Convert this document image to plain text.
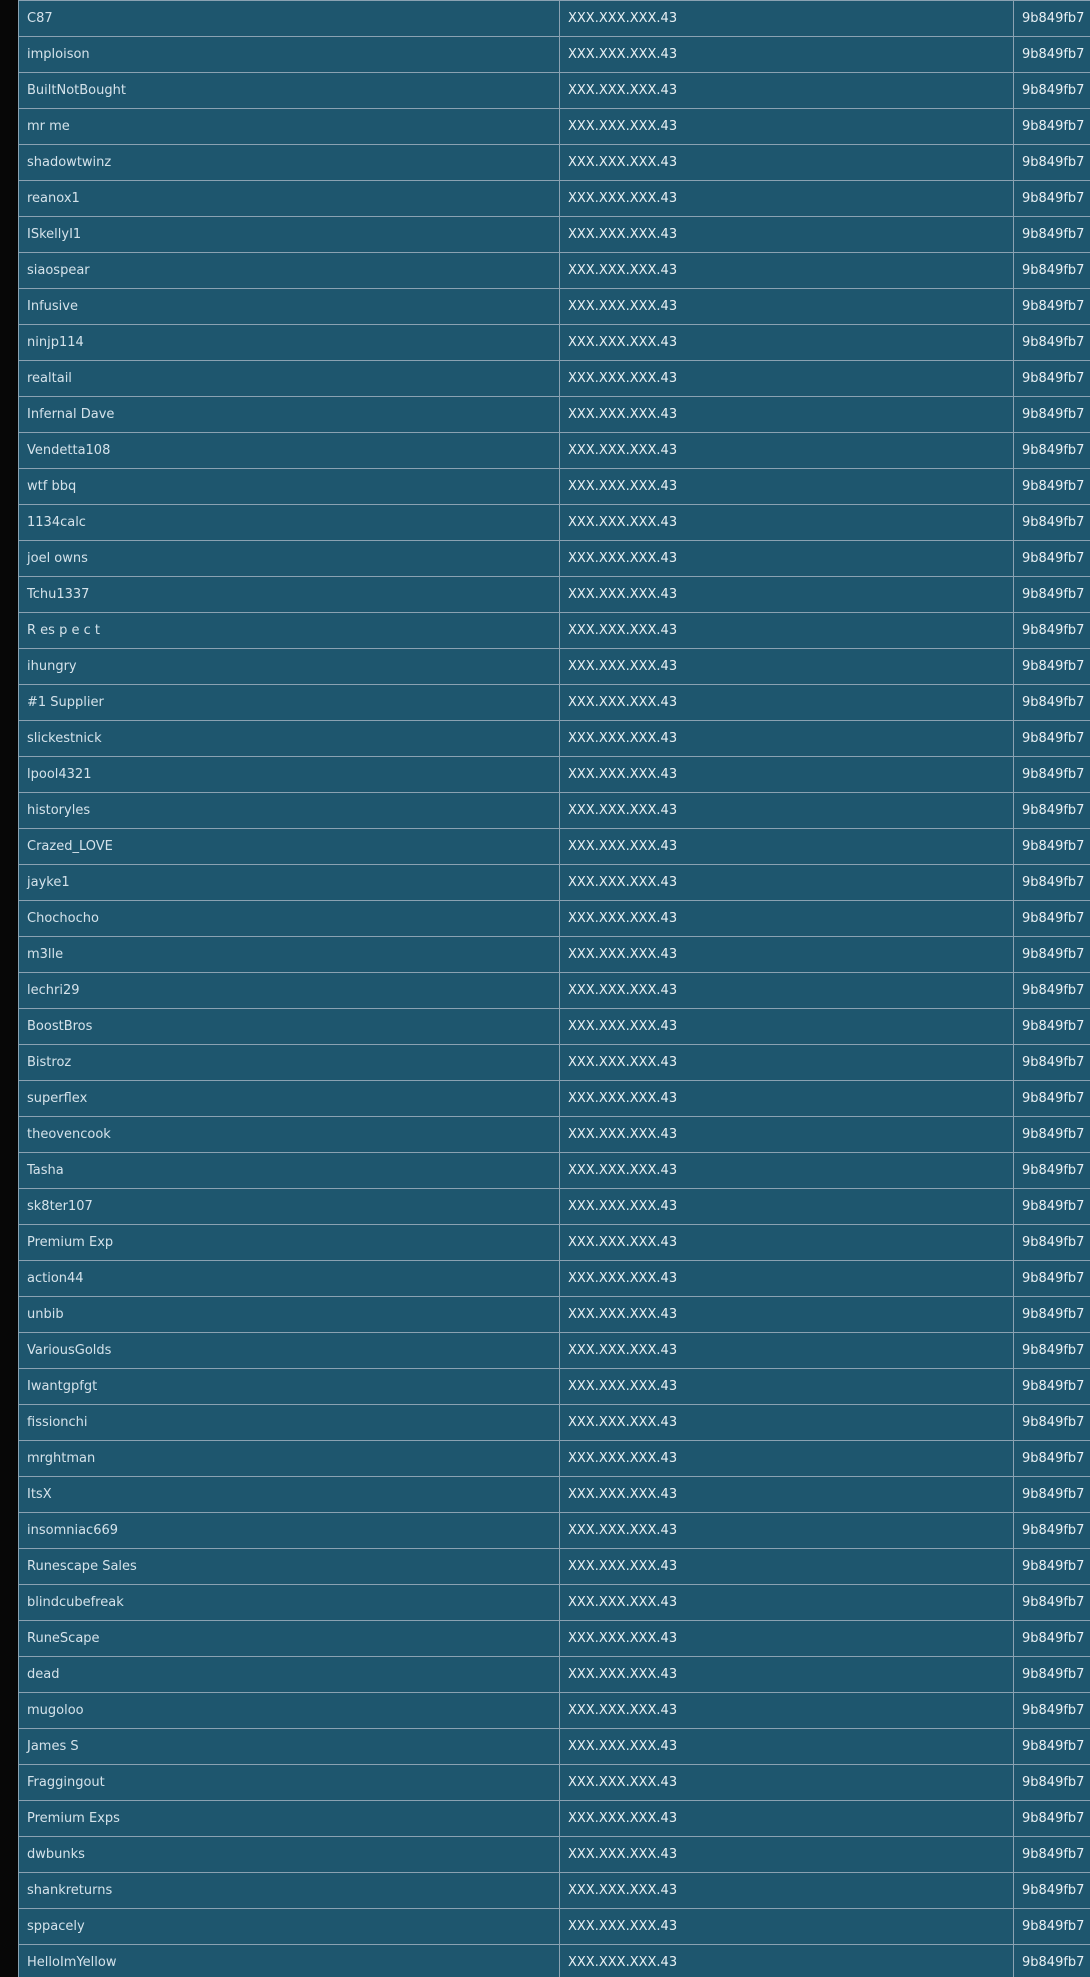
C87	XXX.XXX.XXX.43	9b849fb7
imploison	XXX.XXX.XXX.43	9b849fb7
BuiltNotBought	XXX.XXX.XXX.43	9b849fb7
mr me	XXX.XXX.XXX.43	9b849fb7
shadowtwinz	XXX.XXX.XXX.43	9b849fb7
reanox1	XXX.XXX.XXX.43	9b849fb7
ISkellyI1	XXX.XXX.XXX.43	9b849fb7
siaospear	XXX.XXX.XXX.43	9b849fb7
Infusive	XXX.XXX.XXX.43	9b849fb7
ninjp114	XXX.XXX.XXX.43	9b849fb7
realtail	XXX.XXX.XXX.43	9b849fb7
Infernal Dave	XXX.XXX.XXX.43	9b849fb7
Vendetta108	XXX.XXX.XXX.43	9b849fb7
wtf bbq	XXX.XXX.XXX.43	9b849fb7
1134calc	XXX.XXX.XXX.43	9b849fb7
joel owns	XXX.XXX.XXX.43	9b849fb7
Tchu1337	XXX.XXX.XXX.43	9b849fb7
R es p e c t	XXX.XXX.XXX.43	9b849fb7
ihungry	XXX.XXX.XXX.43	9b849fb7
#1 Supplier	XXX.XXX.XXX.43	9b849fb7
slickestnick	XXX.XXX.XXX.43	9b849fb7
lpool4321	XXX.XXX.XXX.43	9b849fb7
historyles	XXX.XXX.XXX.43	9b849fb7
Crazed_LOVE	XXX.XXX.XXX.43	9b849fb7
jayke1	XXX.XXX.XXX.43	9b849fb7
Chochocho	XXX.XXX.XXX.43	9b849fb7
m3lle	XXX.XXX.XXX.43	9b849fb7
lechri29	XXX.XXX.XXX.43	9b849fb7
BoostBros	XXX.XXX.XXX.43	9b849fb7
Bistroz	XXX.XXX.XXX.43	9b849fb7
superflex	XXX.XXX.XXX.43	9b849fb7
theovencook	XXX.XXX.XXX.43	9b849fb7
Tasha	XXX.XXX.XXX.43	9b849fb7
sk8ter107	XXX.XXX.XXX.43	9b849fb7
Premium Exp	XXX.XXX.XXX.43	9b849fb7
action44	XXX.XXX.XXX.43	9b849fb7
unbib	XXX.XXX.XXX.43	9b849fb7
VariousGolds	XXX.XXX.XXX.43	9b849fb7
Iwantgpfgt	XXX.XXX.XXX.43	9b849fb7
fissionchi	XXX.XXX.XXX.43	9b849fb7
mrghtman	XXX.XXX.XXX.43	9b849fb7
ItsX	XXX.XXX.XXX.43	9b849fb7
insomniac669	XXX.XXX.XXX.43	9b849fb7
Runescape Sales	XXX.XXX.XXX.43	9b849fb7
blindcubefreak	XXX.XXX.XXX.43	9b849fb7
RuneScape	XXX.XXX.XXX.43	9b849fb7
dead	XXX.XXX.XXX.43	9b849fb7
mugoloo	XXX.XXX.XXX.43	9b849fb7
James S	XXX.XXX.XXX.43	9b849fb7
Fraggingout	XXX.XXX.XXX.43	9b849fb7
Premium Exps	XXX.XXX.XXX.43	9b849fb7
dwbunks	XXX.XXX.XXX.43	9b849fb7
shankreturns	XXX.XXX.XXX.43	9b849fb7
sppacely	XXX.XXX.XXX.43	9b849fb7
HelloImYellow	XXX.XXX.XXX.43	9b849fb7
